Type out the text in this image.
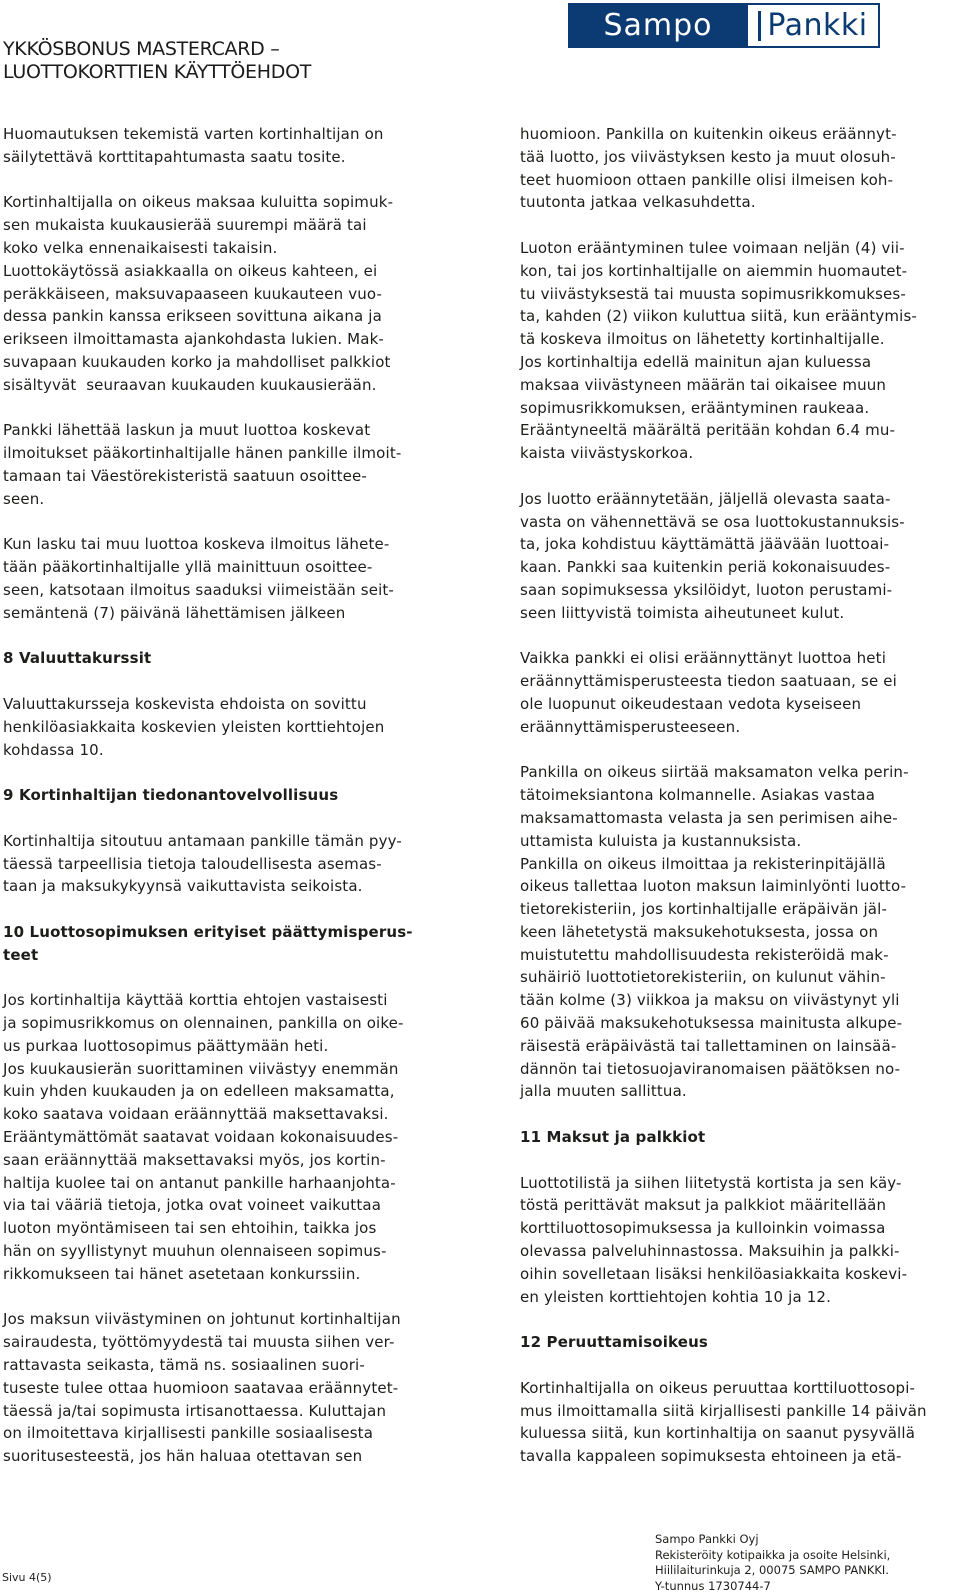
YKKÖSBONUS MASTERCARD –
LUOTTOKORTTIEN KÄYTTÖEHDOT
Sampo	Pankki

Huomautuksen tekemistä varten kortinhaltijan on
säilytettävä korttitapahtumasta saatu tosite.

Kortinhaltijalla on oikeus maksaa kuluitta sopimuk-
sen mukaista kuukausierää suurempi määrä tai
koko velka ennenaikaisesti takaisin.
Luottokäytössä asiakkaalla on oikeus kahteen, ei
peräkkäiseen, maksuvapaaseen kuukauteen vuo-
dessa pankin kanssa erikseen sovittuna aikana ja
erikseen ilmoittamasta ajankohdasta lukien. Mak-
suvapaan kuukauden korko ja mahdolliset palkkiot
sisältyvät  seuraavan kuukauden kuukausierään.

Pankki lähettää laskun ja muut luottoa koskevat
ilmoitukset pääkortinhaltijalle hänen pankille ilmoit-
tamaan tai Väestörekisteristä saatuun osoittee-
seen.

Kun lasku tai muu luottoa koskeva ilmoitus lähete-
tään pääkortinhaltijalle yllä mainittuun osoittee-
seen, katsotaan ilmoitus saaduksi viimeistään seit-
semäntenä (7) päivänä lähettämisen jälkeen

8 Valuuttakurssit

Valuuttakursseja koskevista ehdoista on sovittu
henkilöasiakkaita koskevien yleisten korttiehtojen
kohdassa 10.

9 Kortinhaltijan tiedonantovelvollisuus

Kortinhaltija sitoutuu antamaan pankille tämän pyy-
täessä tarpeellisia tietoja taloudellisesta asemas-
taan ja maksukykyynsä vaikuttavista seikoista.

10 Luottosopimuksen erityiset päättymisperus-
teet

Jos kortinhaltija käyttää korttia ehtojen vastaisesti
ja sopimusrikkomus on olennainen, pankilla on oike-
us purkaa luottosopimus päättymään heti.
Jos kuukausierän suorittaminen viivästyy enemmän
kuin yhden kuukauden ja on edelleen maksamatta,
koko saatava voidaan eräännyttää maksettavaksi.
Erääntymättömät saatavat voidaan kokonaisuudes-
saan eräännyttää maksettavaksi myös, jos kortin-
haltija kuolee tai on antanut pankille harhaanjohta-
via tai vääriä tietoja, jotka ovat voineet vaikuttaa
luoton myöntämiseen tai sen ehtoihin, taikka jos
hän on syyllistynyt muuhun olennaiseen sopimus-
rikkomukseen tai hänet asetetaan konkurssiin.

Jos maksun viivästyminen on johtunut kortinhaltijan
sairaudesta, työttömyydestä tai muusta siihen ver-
rattavasta seikasta, tämä ns. sosiaalinen suori-
tuseste tulee ottaa huomioon saatavaa eräännytet-
täessä ja/tai sopimusta irtisanottaessa. Kuluttajan
on ilmoitettava kirjallisesti pankille sosiaalisesta
suoritusesteestä, jos hän haluaa otettavan sen

huomioon. Pankilla on kuitenkin oikeus eräännyt-
tää luotto, jos viivästyksen kesto ja muut olosuh-
teet huomioon ottaen pankille olisi ilmeisen koh-
tuutonta jatkaa velkasuhdetta.

Luoton erääntyminen tulee voimaan neljän (4) vii-
kon, tai jos kortinhaltijalle on aiemmin huomautet-
tu viivästyksestä tai muusta sopimusrikkomukses-
ta, kahden (2) viikon kuluttua siitä, kun erääntymis-
tä koskeva ilmoitus on lähetetty kortinhaltijalle.
Jos kortinhaltija edellä mainitun ajan kuluessa
maksaa viivästyneen määrän tai oikaisee muun
sopimusrikkomuksen, erääntyminen raukeaa.
Erääntyneeltä määrältä peritään kohdan 6.4 mu-
kaista viivästyskorkoa.

Jos luotto eräännytetään, jäljellä olevasta saata-
vasta on vähennettävä se osa luottokustannuksis-
ta, joka kohdistuu käyttämättä jäävään luottoai-
kaan. Pankki saa kuitenkin periä kokonaisuudes-
saan sopimuksessa yksilöidyt, luoton perustami-
seen liittyvistä toimista aiheutuneet kulut.

Vaikka pankki ei olisi eräännyttänyt luottoa heti
eräännyttämisperusteesta tiedon saatuaan, se ei
ole luopunut oikeudestaan vedota kyseiseen
eräännyttämisperusteeseen.

Pankilla on oikeus siirtää maksamaton velka perin-
tätoimeksiantona kolmannelle. Asiakas vastaa
maksamattomasta velasta ja sen perimisen aihe-
uttamista kuluista ja kustannuksista.
Pankilla on oikeus ilmoittaa ja rekisterinpitäjällä
oikeus tallettaa luoton maksun laiminlyönti luotto-
tietorekisteriin, jos kortinhaltijalle eräpäivän jäl-
keen lähetetystä maksukehotuksesta, jossa on
muistutettu mahdollisuudesta rekisteröidä mak-
suhäiriö luottotietorekisteriin, on kulunut vähin-
tään kolme (3) viikkoa ja maksu on viivästynyt yli
60 päivää maksukehotuksessa mainitusta alkupe-
räisestä eräpäivästä tai tallettaminen on lainsää-
dännön tai tietosuojaviranomaisen päätöksen no-
jalla muuten sallittua.

11 Maksut ja palkkiot

Luottotilistä ja siihen liitetystä kortista ja sen käy-
töstä perittävät maksut ja palkkiot määritellään
korttiluottosopimuksessa ja kulloinkin voimassa
olevassa palveluhinnastossa. Maksuihin ja palkki-
oihin sovelletaan lisäksi henkilöasiakkaita koskevi-
en yleisten korttiehtojen kohtia 10 ja 12.

12 Peruuttamisoikeus

Kortinhaltijalla on oikeus peruuttaa korttiluottosopi-
mus ilmoittamalla siitä kirjallisesti pankille 14 päivän
kuluessa siitä, kun kortinhaltija on saanut pysyvällä
tavalla kappaleen sopimuksesta ehtoineen ja etä-

Sivu 4(5)
Sampo Pankki Oyj
Rekisteröity kotipaikka ja osoite Helsinki,
Hiililaiturinkuja 2, 00075 SAMPO PANKKI.
Y-tunnus 1730744-7
